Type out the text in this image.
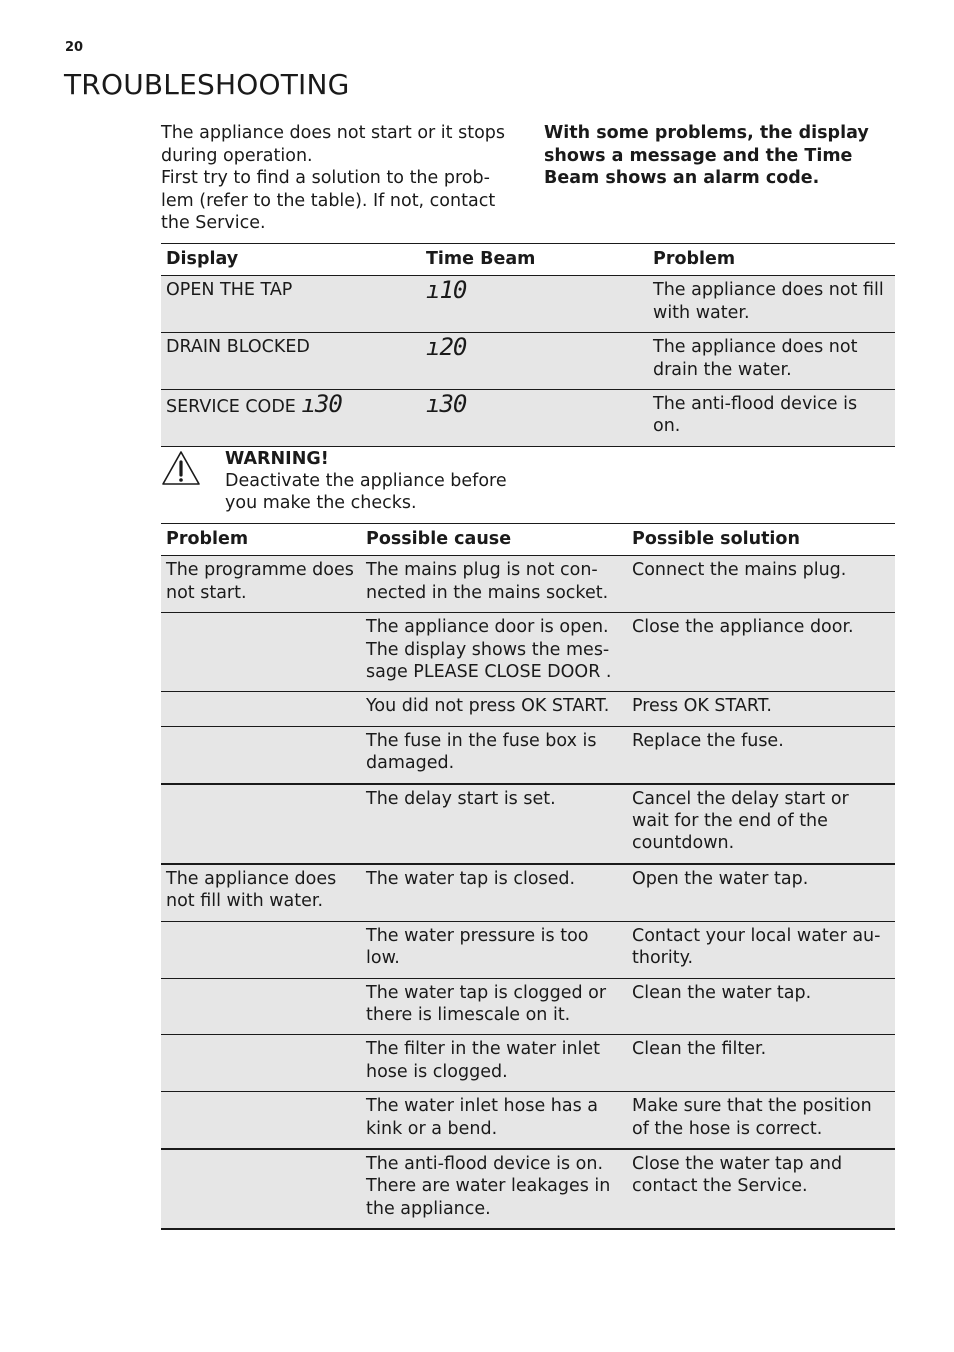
20
TROUBLESHOOTING

The appliance does not start or it stops during operation.

First try to find a solution to the prob- lem (refer to the table). If not, contact the Service.

With some problems, the display shows a message and the Time Beam shows an alarm code.

Display	Time Beam	Problem
OPEN THE TAP	ı10	The appliance does not fill with water.
DRAIN BLOCKED	ı20	The appliance does not drain the water.
SERVICE CODE ı30	ı30	The anti-flood device is on.
WARNING!
Deactivate the appliance before you make the checks.
Problem	Possible cause	Possible solution
The programme does not start.	The mains plug is not con- nected in the mains socket.	Connect the mains plug.
	The appliance door is open. The display shows the mes- sage PLEASE CLOSE DOOR .	Close the appliance door.
	You did not press OK START.	Press OK START.
	The fuse in the fuse box is damaged.	Replace the fuse.
	The delay start is set.	Cancel the delay start or wait for the end of the countdown.
The appliance does not fill with water.	The water tap is closed.	Open the water tap.
	The water pressure is too low.	Contact your local water au- thority.
	The water tap is clogged or there is limescale on it.	Clean the water tap.
	The filter in the water inlet hose is clogged.	Clean the filter.
	The water inlet hose has a kink or a bend.	Make sure that the position of the hose is correct.
	The anti-flood device is on. There are water leakages in the appliance.	Close the water tap and contact the Service.
